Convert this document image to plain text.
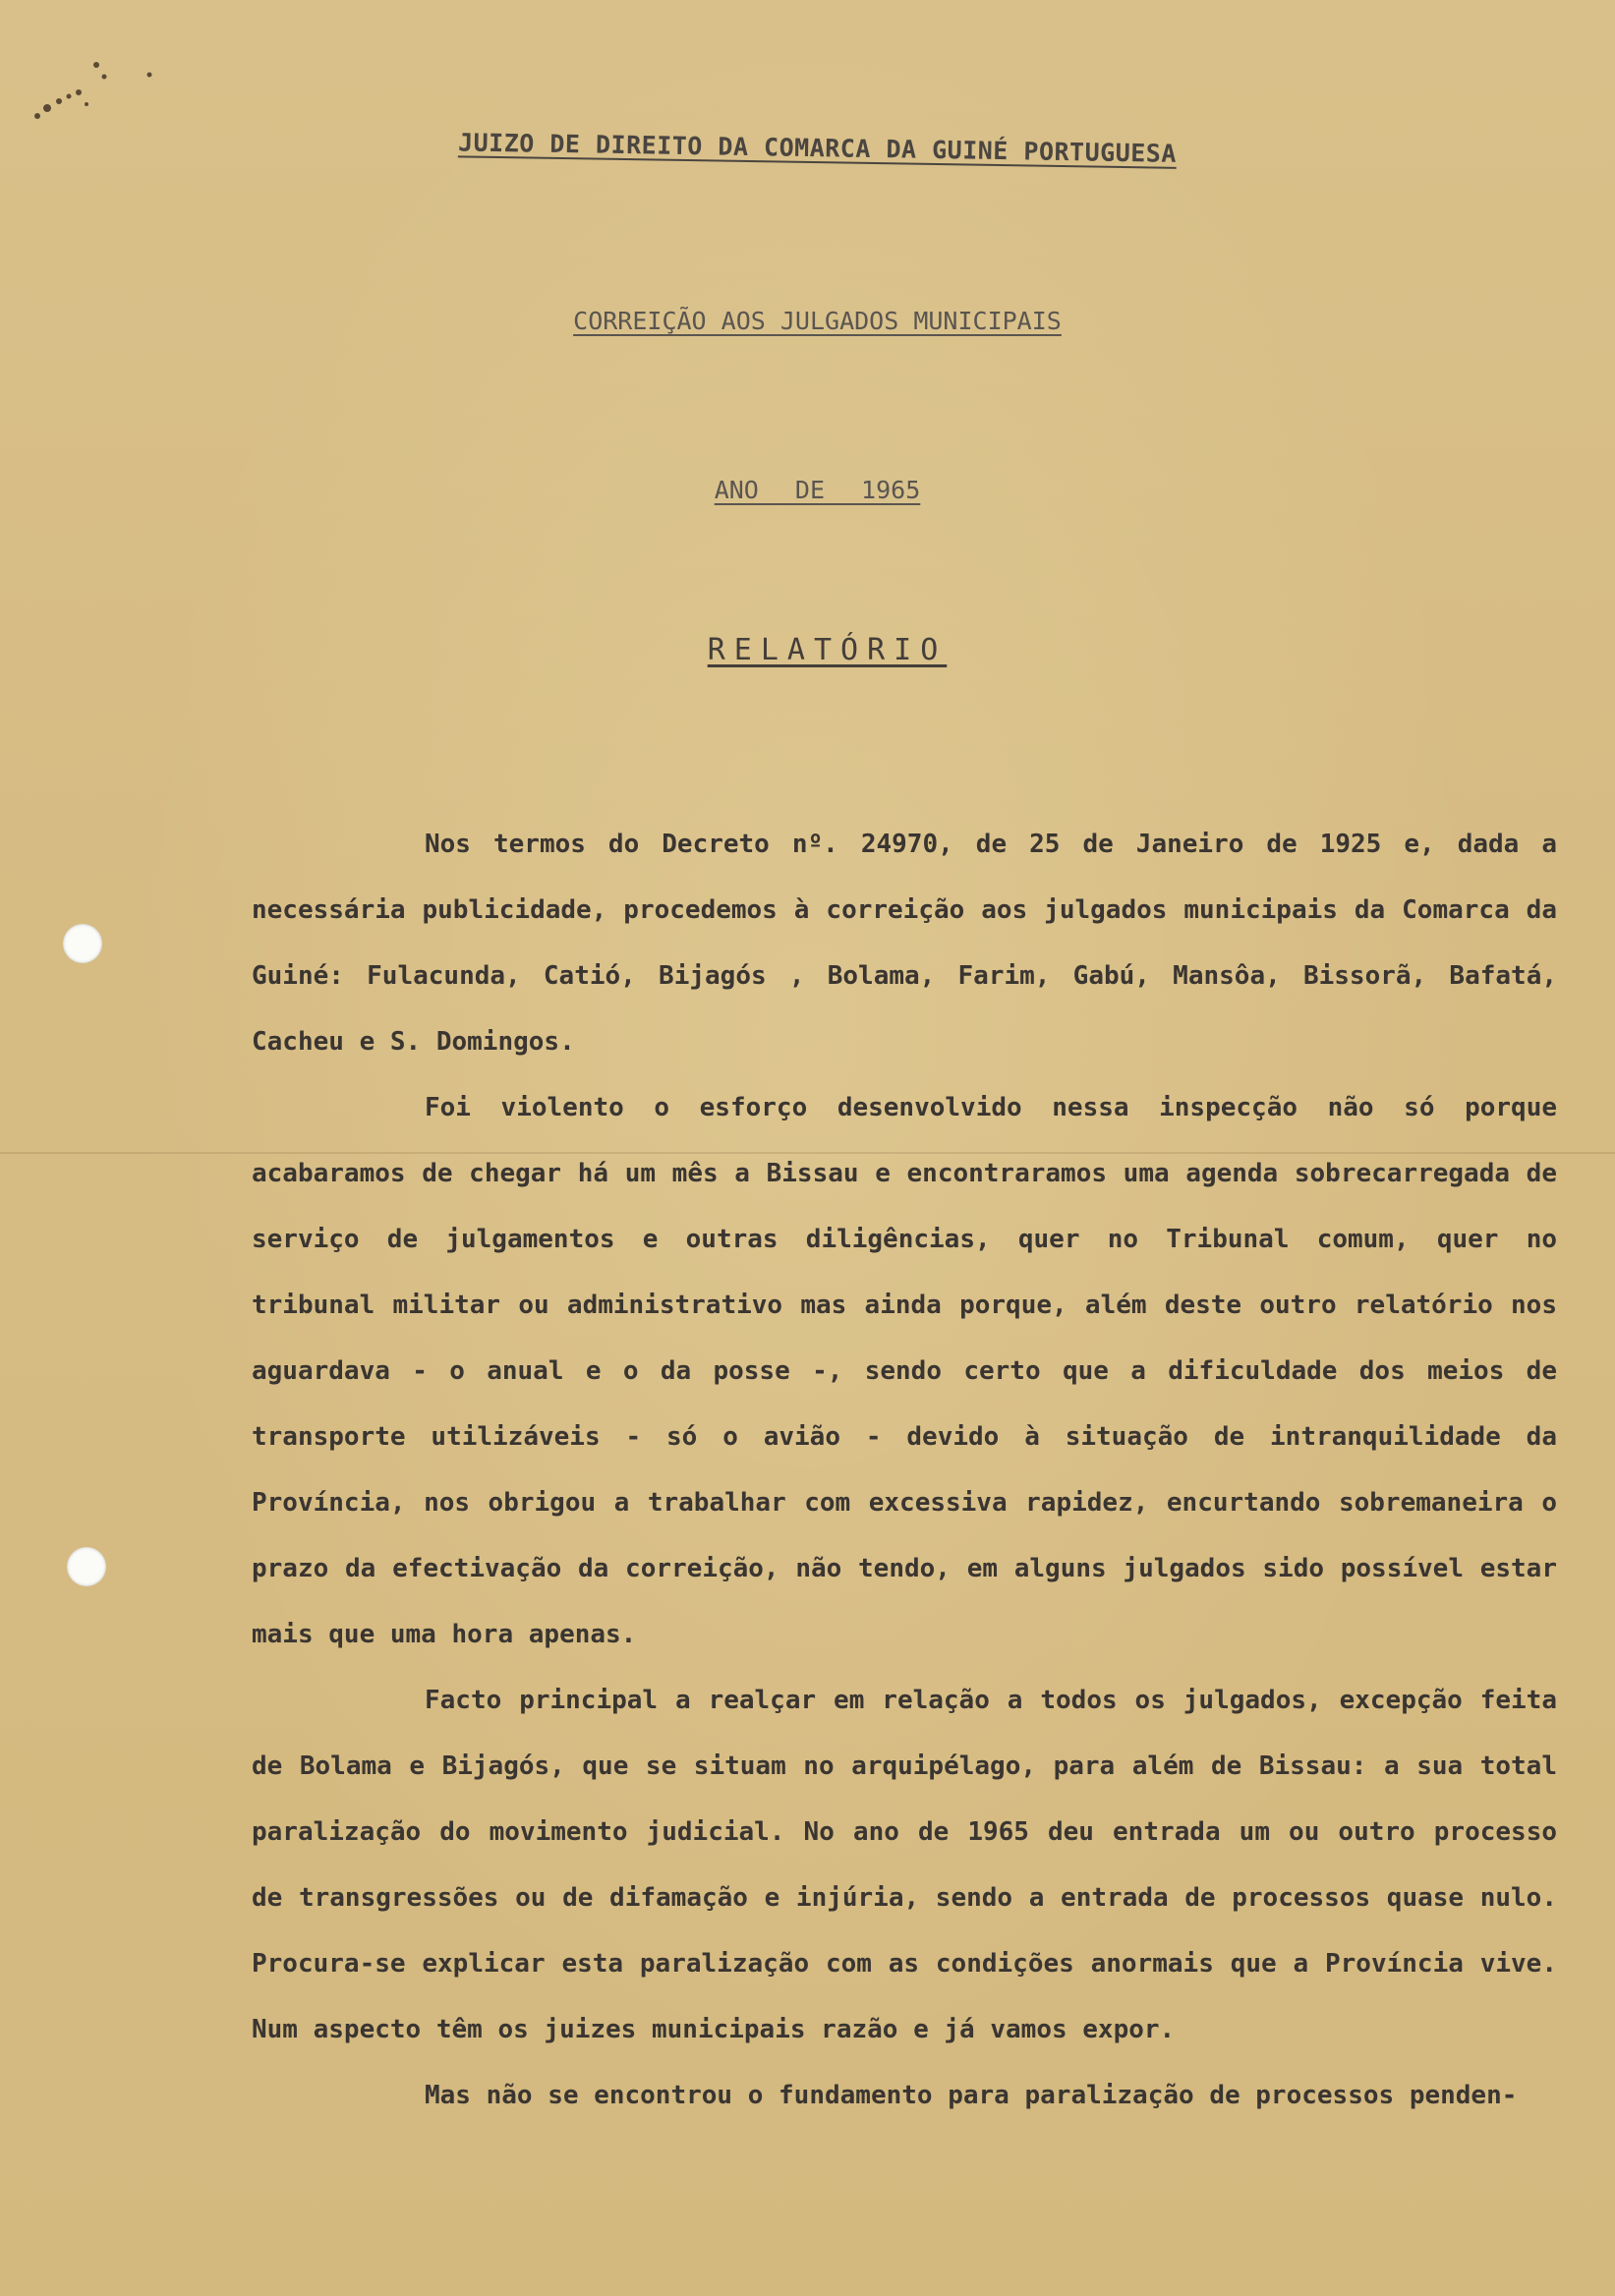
JUIZO DE DIREITO DA COMARCA DA GUINÉ PORTUGUESA
CORREIÇÃO AOS JULGADOS MUNICIPAIS
ANO DE 1965
RELATÓRIO

Nos termos do Decreto nº. 24970, de 25 de Janeiro de 1925 e, dada a necessária publicidade, procedemos à correição aos julgados municipais da Comarca da Guiné: Fulacunda, Catió, Bijagós , Bolama, Farim, Gabú, Mansôa, Bissorã, Bafatá, Cacheu e S. Domingos.

Foi violento o esforço desenvolvido nessa inspecção não só porque acabaramos de chegar há um mês a Bissau e encontraramos uma agenda sobrecarregada de serviço de julgamentos e outras diligências, quer no Tribunal comum, quer no tribunal militar ou administrativo mas ainda porque, além deste outro relatório nos aguardava - o anual e o da posse -, sendo certo que a dificuldade dos meios de transporte utilizáveis - só o avião - devido à situação de intranquilidade da Província, nos obrigou a trabalhar com excessiva rapidez, encurtando sobremaneira o prazo da efectivação da correição, não tendo, em alguns julgados sido possível estar mais que uma hora apenas.

Facto principal a realçar em relação a todos os julgados, excepção feita de Bolama e Bijagós, que se situam no arquipélago, para além de Bissau: a sua total paralização do movimento judicial. No ano de 1965 deu entrada um ou outro processo de transgressões ou de difamação e injúria, sendo a entrada de processos quase nulo. Procura-se explicar esta paralização com as condições anormais que a Província vive. Num aspecto têm os juizes municipais razão e já vamos expor.

Mas não se encontrou o fundamento para paralização de processos penden-
